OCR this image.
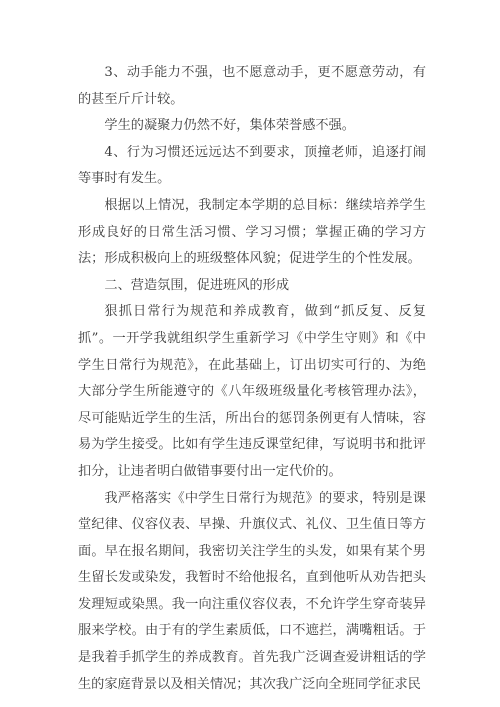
3、动手能力不强，也不愿意动手，更不愿意劳动，有的甚至斤斤计较。

学生的凝聚力仍然不好，集体荣誉感不强。

4、行为习惯还远远达不到要求，顶撞老师，追逐打闹等事时有发生。

根据以上情况，我制定本学期的总目标：继续培养学生形成良好的日常生活习惯、学习习惯；掌握正确的学习方法；形成积极向上的班级整体风貌；促进学生的个性发展。

二、营造氛围，促进班风的形成

狠抓日常行为规范和养成教育，做到“抓反复、反复抓”。一开学我就组织学生重新学习《中学生守则》和《中学生日常行为规范》，在此基础上，订出切实可行的、为绝大部分学生所能遵守的《八年级班级量化考核管理办法》，尽可能贴近学生的生活，所出台的惩罚条例更有人情味，容易为学生接受。比如有学生违反课堂纪律，写说明书和批评扣分，让违者明白做错事要付出一定代价的。

我严格落实《中学生日常行为规范》的要求，特别是课堂纪律、仪容仪表、早操、升旗仪式、礼仪、卫生值日等方面。早在报名期间，我密切关注学生的头发，如果有某个男生留长发或染发，我暂时不给他报名，直到他听从劝告把头发理短或染黑。我一向注重仪容仪表，不允许学生穿奇装异服来学校。由于有的学生素质低，口不遮拦，满嘴粗话。于是我着手抓学生的养成教育。首先我广泛调查爱讲粗话的学生的家庭背景以及相关情况；其次我广泛向全班同学征求民
